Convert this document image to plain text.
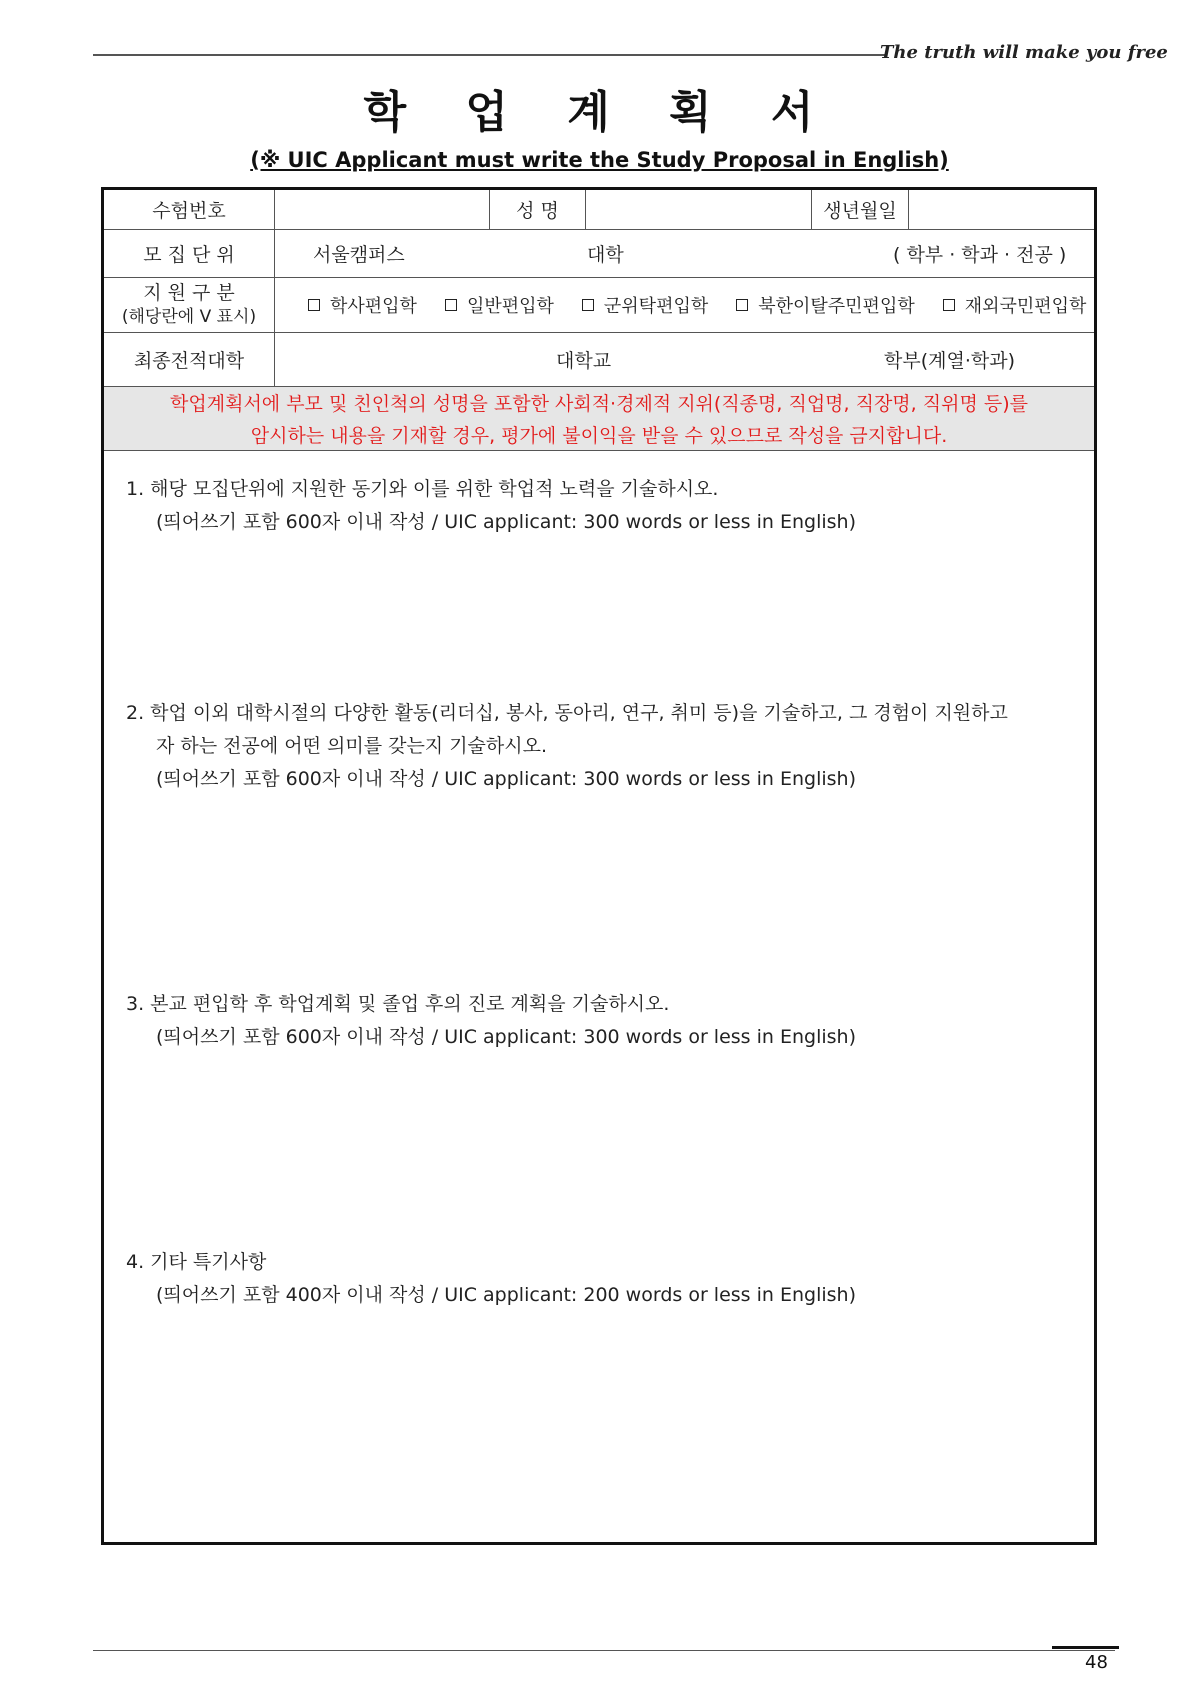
The truth will make you free
학 업 계 획 서
(※ UIC Applicant must write the Study Proposal in English)
수험번호	성 명	생년월일
모 집 단 위	서울캠퍼스	대학	( 학부 · 학과 · 전공 )
지 원 구 분
(해당란에 V 표시)	학사편입학	일반편입학	군위탁편입학	북한이탈주민편입학	재외국민편입학
최종전적대학	대학교	학부(계열·학과)
학업계획서에 부모 및 친인척의 성명을 포함한 사회적·경제적 지위(직종명, 직업명, 직장명, 직위명 등)를
암시하는 내용을 기재할 경우, 평가에 불이익을 받을 수 있으므로 작성을 금지합니다.
1. 해당 모집단위에 지원한 동기와 이를 위한 학업적 노력을 기술하시오.
(띄어쓰기 포함 600자 이내 작성 / UIC applicant: 300 words or less in English)
2. 학업 이외 대학시절의 다양한 활동(리더십, 봉사, 동아리, 연구, 취미 등)을 기술하고, 그 경험이 지원하고
자 하는 전공에 어떤 의미를 갖는지 기술하시오.
(띄어쓰기 포함 600자 이내 작성 / UIC applicant: 300 words or less in English)
3. 본교 편입학 후 학업계획 및 졸업 후의 진로 계획을 기술하시오.
(띄어쓰기 포함 600자 이내 작성 / UIC applicant: 300 words or less in English)
4. 기타 특기사항
(띄어쓰기 포함 400자 이내 작성 / UIC applicant: 200 words or less in English)
48
